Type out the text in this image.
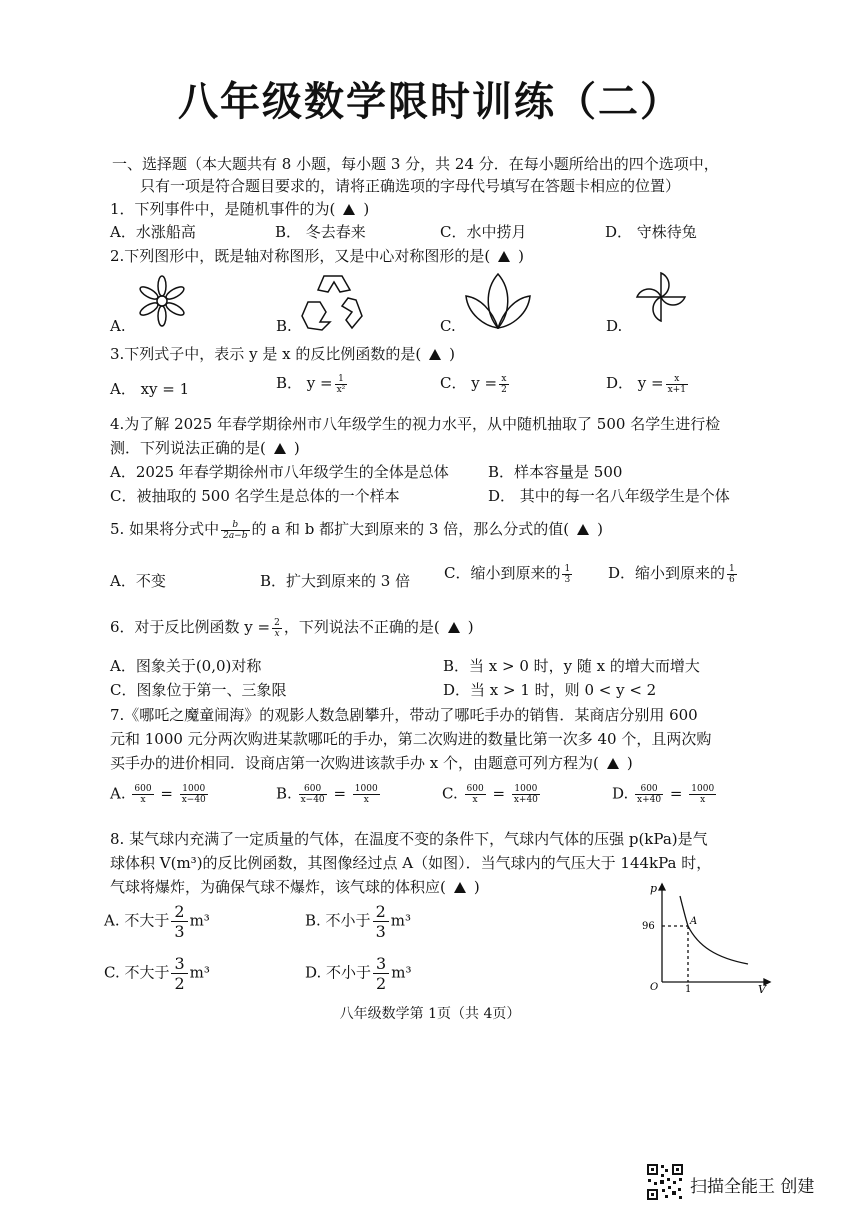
八年级数学限时训练（二）
一、选择题（本大题共有 8 小题，每小题 3 分，共 24 分．在每小题所给出的四个选项中，
只有一项是符合题目要求的，请将正确选项的字母代号填写在答题卡相应的位置）
1．下列事件中，是随机事件的为( )
A．水涨船高	B． 冬去春来	C．水中捞月	D． 守株待兔
2.下列图形中，既是轴对称图形，又是中心对称图形的是( )
A.	B.	C.	D.
3.下列式子中，表示 y 是 x 的反比例函数的是( )
A． xy = 1	B． $y = \frac{1}{\text{x²}}$	C． $y = \frac{x}{2}$	D． $y = \frac{x}{x+1}$
4.为了解 2025 年春学期徐州市八年级学生的视力水平，从中随机抽取了 500 名学生进行检
测．下列说法正确的是( )
A．2025 年春学期徐州市八年级学生的全体是总体	B．样本容量是 500
C．被抽取的 500 名学生是总体的一个样本	D． 其中的每一名八年级学生是个体
5. 如果将分式中 $\frac{b}{2a-b}$ 的 a 和 b 都扩大到原来的 3 倍，那么分式的值( )
A．不变	B．扩大到原来的 3 倍 C．缩小到原来的 $\frac{1}{3}$ D．缩小到原来的 $\frac{1}{6}$
6．对于反比例函数 $y = \frac{2}{x}$ ，下列说法不正确的是( )
A．图象关于(0,0)对称	B．当 x > 0 时，y 随 x 的增大而增大
C．图象位于第一、三象限	D．当 x > 1 时，则 0 < y < 2
7.《哪吒之魔童闹海》的观影人数急剧攀升，带动了哪吒手办的销售．某商店分别用 600
元和 1000 元分两次购进某款哪吒的手办，第二次购进的数量比第一次多 40 个，且两次购
买手办的进价相同．设商店第一次购进该款手办 x 个，由题意可列方程为( )
A. $\frac{600}{x} = \frac{1000}{x-40}$	B. $\frac{600}{x-40} = \frac{1000}{x}$	C. $\frac{600}{x} = \frac{1000}{x+40}$	D. $\frac{600}{x+40} = \frac{1000}{x}$
8. 某气球内充满了一定质量的气体，在温度不变的条件下，气球内气体的压强 p(kPa)是气
球体积 V(m³)的反比例函数，其图像经过点 A（如图）．当气球内的气压大于 144kPa 时，
气球将爆炸，为确保气球不爆炸，该气球的体积应( )
A. 不大于 $\frac{2}{3} m^3$	B. 不小于 $\frac{2}{3} m^3$
C. 不大于 $\frac{3}{2} m^3$	D. 不小于 $\frac{3}{2} m^3$
p
V
O
96
1
A
八年级数学第 1页（共 4页）
扫描全能王 创建
